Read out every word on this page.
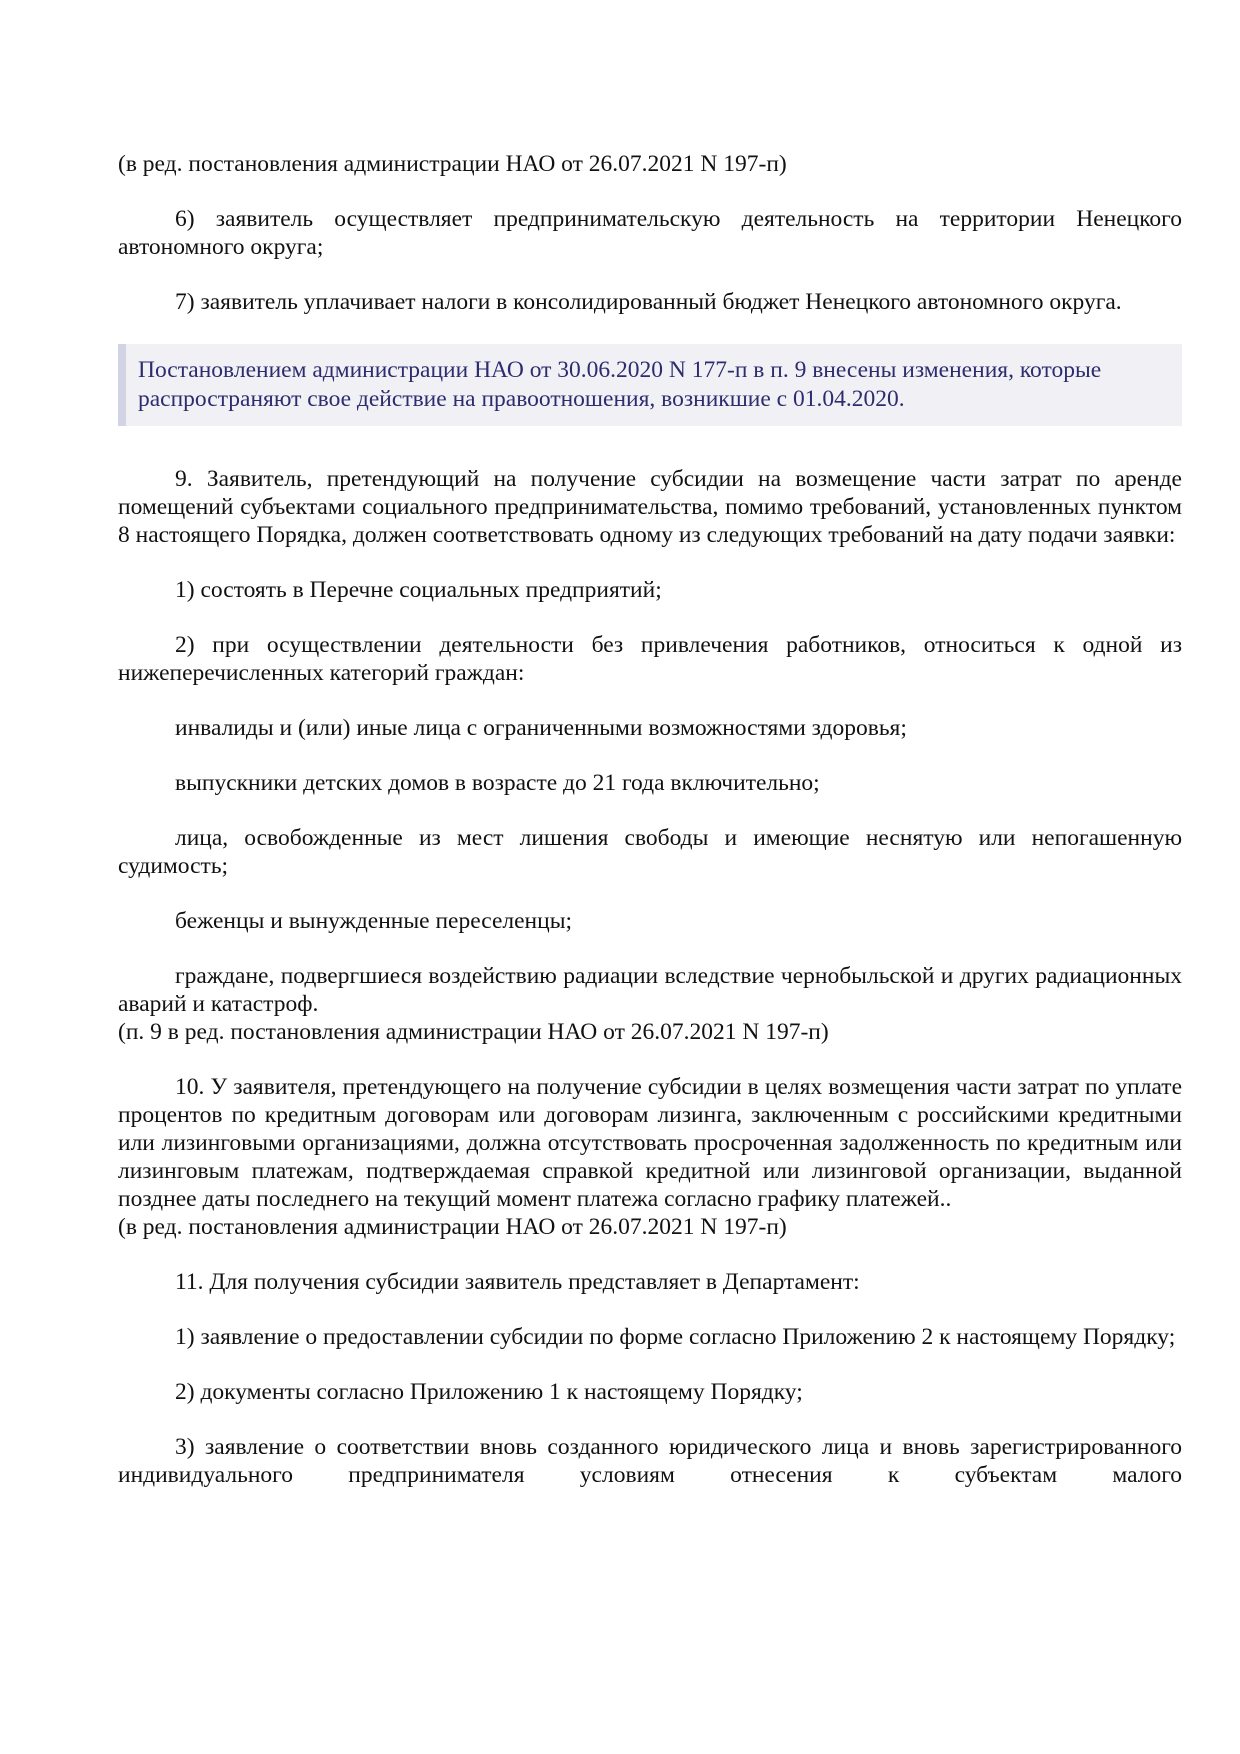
(в ред. постановления администрации НАО от 26.07.2021 N 197-п)

6) заявитель осуществляет предпринимательскую деятельность на территории Ненецкого автономного округа;

7) заявитель уплачивает налоги в консолидированный бюджет Ненецкого автономного округа.

Постановлением администрации НАО от 30.06.2020 N 177-п в п. 9 внесены изменения, которые распространяют свое действие на правоотношения, возникшие с 01.04.2020.

9. Заявитель, претендующий на получение субсидии на возмещение части затрат по аренде помещений субъектами социального предпринимательства, помимо требований, установленных пунктом 8 настоящего Порядка, должен соответствовать одному из следующих требований на дату подачи заявки:

1) состоять в Перечне социальных предприятий;

2) при осуществлении деятельности без привлечения работников, относиться к одной из нижеперечисленных категорий граждан:

инвалиды и (или) иные лица с ограниченными возможностями здоровья;

выпускники детских домов в возрасте до 21 года включительно;

лица, освобожденные из мест лишения свободы и имеющие неснятую или непогашенную судимость;

беженцы и вынужденные переселенцы;

граждане, подвергшиеся воздействию радиации вследствие чернобыльской и других радиационных аварий и катастроф.

(п. 9 в ред. постановления администрации НАО от 26.07.2021 N 197-п)

10. У заявителя, претендующего на получение субсидии в целях возмещения части затрат по уплате процентов по кредитным договорам или договорам лизинга, заключенным с российскими кредитными или лизинговыми организациями, должна отсутствовать просроченная задолженность по кредитным или лизинговым платежам, подтверждаемая справкой кредитной или лизинговой организации, выданной позднее даты последнего на текущий момент платежа согласно графику платежей..

(в ред. постановления администрации НАО от 26.07.2021 N 197-п)

11. Для получения субсидии заявитель представляет в Департамент:

1) заявление о предоставлении субсидии по форме согласно Приложению 2 к настоящему Порядку;

2) документы согласно Приложению 1 к настоящему Порядку;

3) заявление о соответствии вновь созданного юридического лица и вновь зарегистрированного индивидуального предпринимателя условиям отнесения к субъектам малого
